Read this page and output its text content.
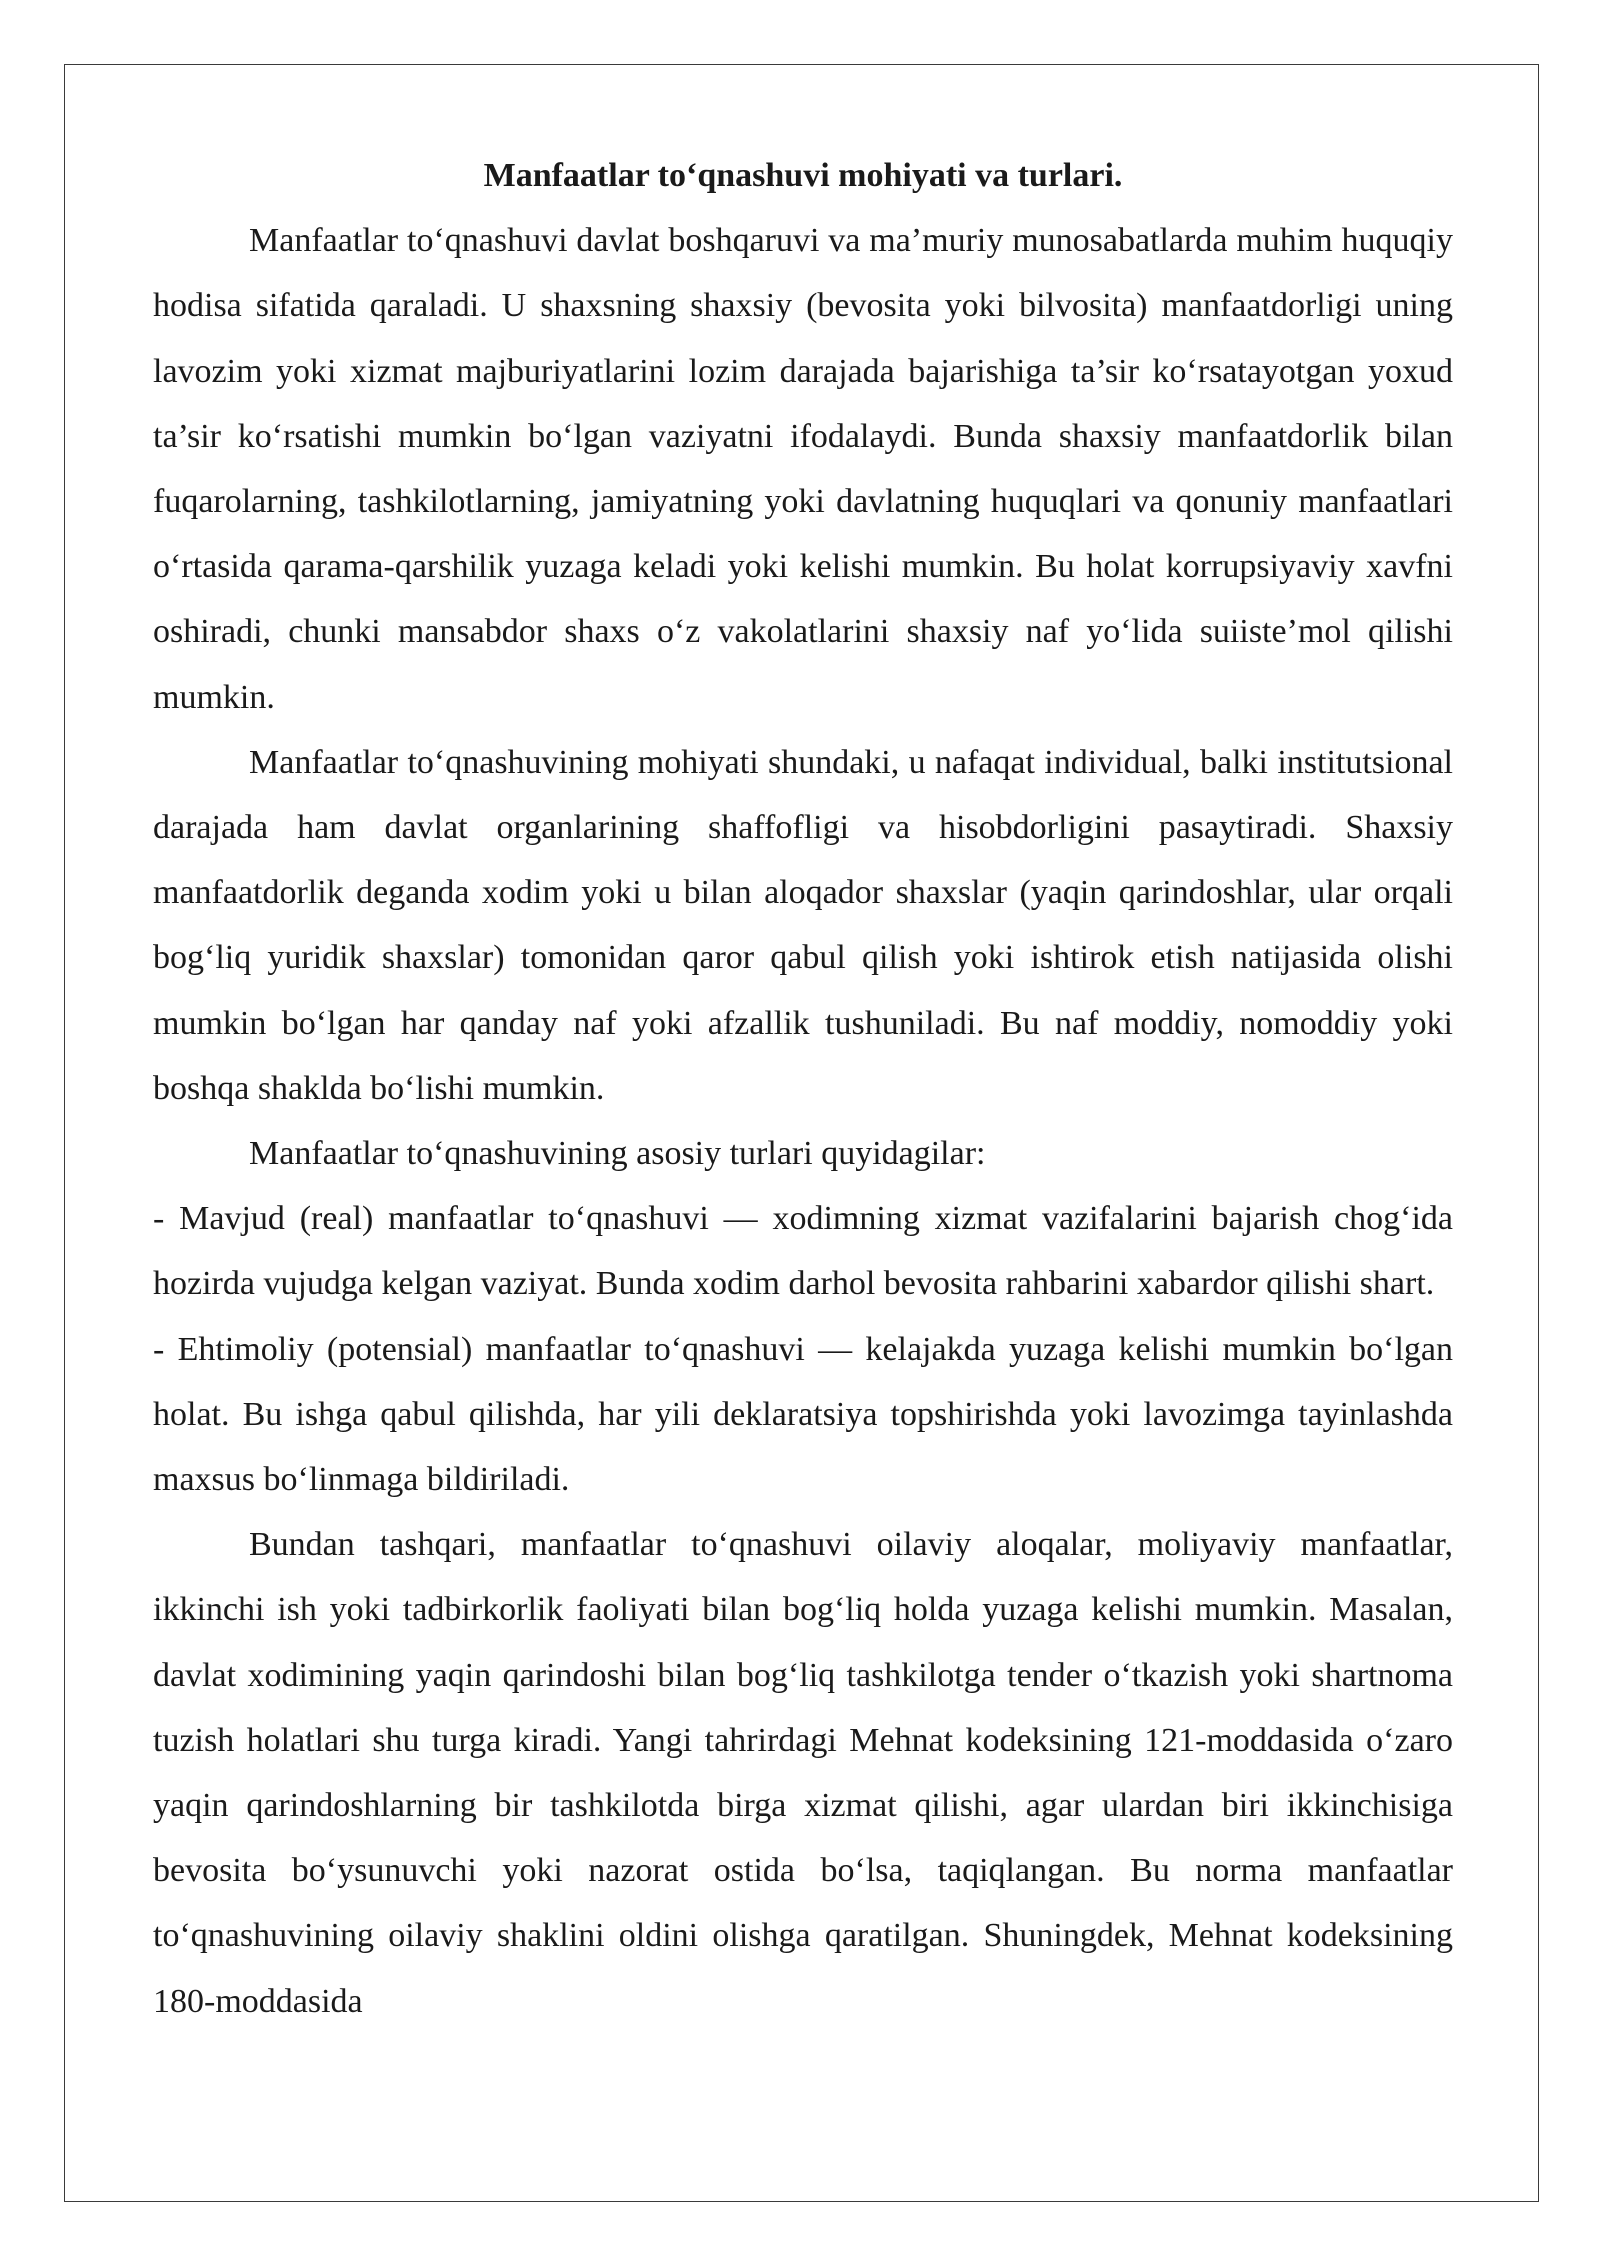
Manfaatlar to‘qnashuvi mohiyati va turlari.

Manfaatlar to‘qnashuvi davlat boshqaruvi va ma’muriy munosabatlarda muhim huquqiy hodisa sifatida qaraladi. U shaxsning shaxsiy (bevosita yoki bilvosita) manfaatdorligi uning lavozim yoki xizmat majburiyatlarini lozim darajada bajarishiga ta’sir ko‘rsatayotgan yoxud ta’sir ko‘rsatishi mumkin bo‘lgan vaziyatni ifodalaydi. Bunda shaxsiy manfaatdorlik bilan fuqarolarning, tashkilotlarning, jamiyatning yoki davlatning huquqlari va qonuniy manfaatlari o‘rtasida qarama-qarshilik yuzaga keladi yoki kelishi mumkin. Bu holat korrupsiyaviy xavfni oshiradi, chunki mansabdor shaxs o‘z vakolatlarini shaxsiy naf yo‘lida suiiste’mol qilishi mumkin.

Manfaatlar to‘qnashuvining mohiyati shundaki, u nafaqat individual, balki institutsional darajada ham davlat organlarining shaffofligi va hisobdorligini pasaytiradi. Shaxsiy manfaatdorlik deganda xodim yoki u bilan aloqador shaxslar (yaqin qarindoshlar, ular orqali bog‘liq yuridik shaxslar) tomonidan qaror qabul qilish yoki ishtirok etish natijasida olishi mumkin bo‘lgan har qanday naf yoki afzallik tushuniladi. Bu naf moddiy, nomoddiy yoki boshqa shaklda bo‘lishi mumkin.

Manfaatlar to‘qnashuvining asosiy turlari quyidagilar:

- Mavjud (real) manfaatlar to‘qnashuvi — xodimning xizmat vazifalarini bajarish chog‘ida hozirda vujudga kelgan vaziyat. Bunda xodim darhol bevosita rahbarini xabardor qilishi shart.

- Ehtimoliy (potensial) manfaatlar to‘qnashuvi — kelajakda yuzaga kelishi mumkin bo‘lgan holat. Bu ishga qabul qilishda, har yili deklaratsiya topshirishda yoki lavozimga tayinlashda maxsus bo‘linmaga bildiriladi.

Bundan tashqari, manfaatlar to‘qnashuvi oilaviy aloqalar, moliyaviy manfaatlar, ikkinchi ish yoki tadbirkorlik faoliyati bilan bog‘liq holda yuzaga kelishi mumkin. Masalan, davlat xodimining yaqin qarindoshi bilan bog‘liq tashkilotga tender o‘tkazish yoki shartnoma tuzish holatlari shu turga kiradi. Yangi tahrirdagi Mehnat kodeksining 121-moddasida o‘zaro yaqin qarindoshlarning bir tashkilotda birga xizmat qilishi, agar ulardan biri ikkinchisiga bevosita bo‘ysunuvchi yoki nazorat ostida bo‘lsa, taqiqlangan. Bu norma manfaatlar to‘qnashuvining oilaviy shaklini oldini olishga qaratilgan. Shuningdek, Mehnat kodeksining 180-moddasida
